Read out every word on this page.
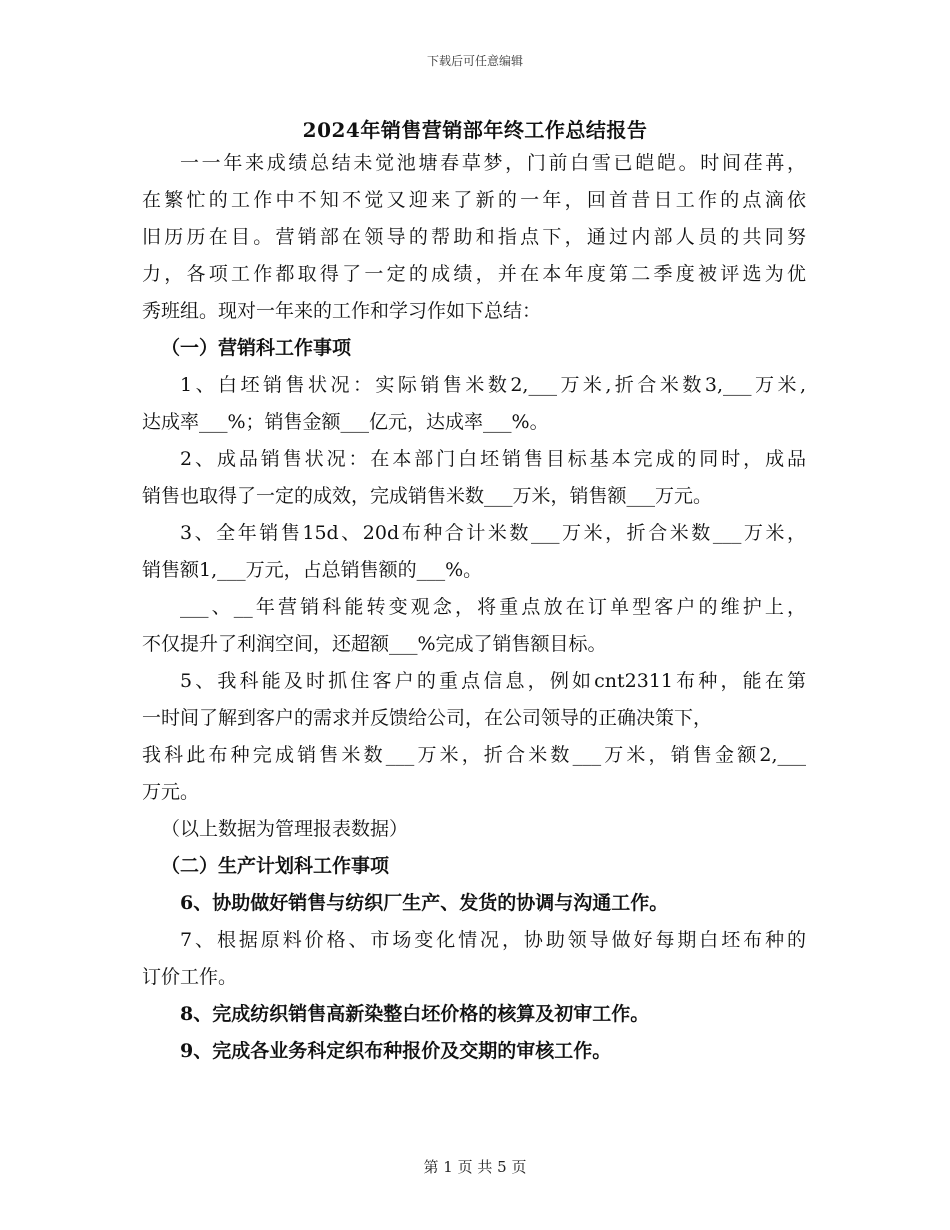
下载后可任意编辑
2024年销售营销部年终工作总结报告
一一年来成绩总结未觉池塘春草梦，门前白雪已皑皑。时间荏苒，
在繁忙的工作中不知不觉又迎来了新的一年，回首昔日工作的点滴依
旧历历在目。营销部在领导的帮助和指点下，通过内部人员的共同努
力，各项工作都取得了一定的成绩，并在本年度第二季度被评选为优
秀班组。现对一年来的工作和学习作如下总结：
（一）营销科工作事项
1、白坯销售状况：实际销售米数2,___万米,折合米数3,___万米,
达成率___%；销售金额___亿元，达成率___%。
2、成品销售状况：在本部门白坯销售目标基本完成的同时，成品
销售也取得了一定的成效，完成销售米数___万米，销售额___万元。
3、全年销售15d、20d布种合计米数___万米，折合米数___万米，
销售额1,___万元，占总销售额的___%。
___、__年营销科能转变观念，将重点放在订单型客户的维护上，
不仅提升了利润空间，还超额___%完成了销售额目标。
5、我科能及时抓住客户的重点信息，例如cnt2311布种，能在第
一时间了解到客户的需求并反馈给公司，在公司领导的正确决策下，
我科此布种完成销售米数___万米，折合米数___万米，销售金额2,___
万元。
（以上数据为管理报表数据）
（二）生产计划科工作事项
6、协助做好销售与纺织厂生产、发货的协调与沟通工作。
7、根据原料价格、市场变化情况，协助领导做好每期白坯布种的
订价工作。
8、完成纺织销售高新染整白坯价格的核算及初审工作。
9、完成各业务科定织布种报价及交期的审核工作。
第 1 页 共 5 页
